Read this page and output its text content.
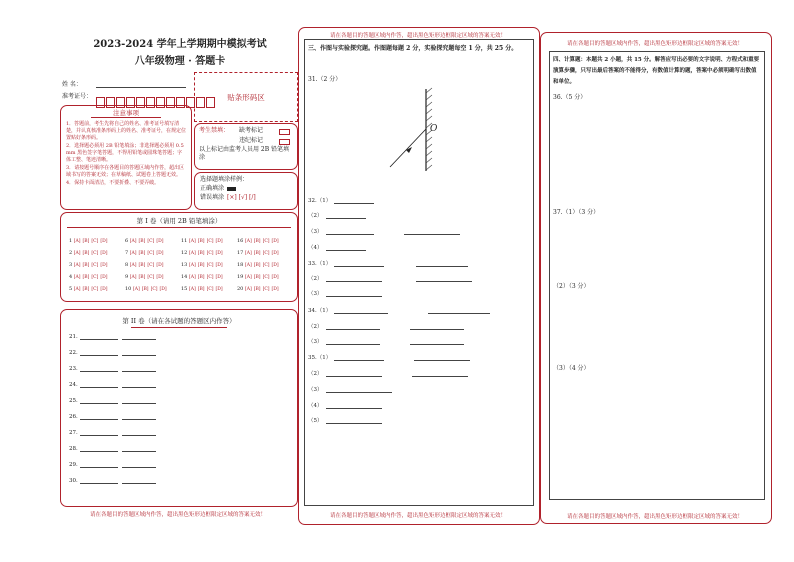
2023-2024 学年上学期期中模拟考试
八年级物理 · 答题卡
姓 名：
准考证号：	贴条形码区
注意事项
1．答题前，考生先将自己的姓名、准考证号填写清楚，并认真核准条形码上的姓名、准考证号，在规定位置贴好条形码。
2．选择题必须用 2B 铅笔填涂；非选择题必须用 0.5 mm 黑色签字笔答题，不得用铅笔或圆珠笔答题；字体工整、笔迹清晰。
3．请按题号顺序在各题目的答题区域内作答，超出区域书写的答案无效；在草稿纸、试题卷上答题无效。
4．保持卡面清洁，不要折叠、不要弄破。
考生禁填： 缺考标记
违纪标记
以上标记由监考人员用 2B 铅笔填涂
选择题填涂样例：
正确填涂
错误填涂 [×] [√] [/]
第 I 卷（请用 2B 铅笔填涂）
1 [A] [B] [C] [D]
2 [A] [B] [C] [D]
3 [A] [B] [C] [D]
4 [A] [B] [C] [D]
5 [A] [B] [C] [D]
6 [A] [B] [C] [D]
7 [A] [B] [C] [D]
8 [A] [B] [C] [D]
9 [A] [B] [C] [D]
10 [A] [B] [C] [D]
11 [A] [B] [C] [D]
12 [A] [B] [C] [D]
13 [A] [B] [C] [D]
14 [A] [B] [C] [D]
15 [A] [B] [C] [D]
16 [A] [B] [C] [D]
17 [A] [B] [C] [D]
18 [A] [B] [C] [D]
19 [A] [B] [C] [D]
20 [A] [B] [C] [D]
第 II 卷（请在各试题的答题区内作答）
21.
22.
23.
24.
25.
26.
27.
28.
29.
30.
请在各题目的答题区域内作答，超出黑色矩形边框限定区域的答案无效！
请在各题目的答题区域内作答，超出黑色矩形边框限定区域的答案无效！
三、作图与实验探究题。作图题每题 2 分，实验探究题每空 1 分，共 25 分。
31.（2 分）
O
32.（1）
（2）
（3）
（4）
33.（1）
（2）
（3）
34.（1）
（2）
（3）
35.（1）
（2）
（3）
（4）
（5）
请在各题目的答题区域内作答，超出黑色矩形边框限定区域的答案无效！
请在各题目的答题区域内作答，超出黑色矩形边框限定区域的答案无效！
四、计算题：本题共 2 小题，共 15 分。解答应写出必要的文字说明、方程式和重要演算步骤，只写出最后答案的不能得分，有数值计算的题，答案中必须明确写出数值和单位。
36.（5 分）
37.（1）（3 分）
（2）（3 分）
（3）（4 分）
请在各题目的答题区域内作答，超出黑色矩形边框限定区域的答案无效！
